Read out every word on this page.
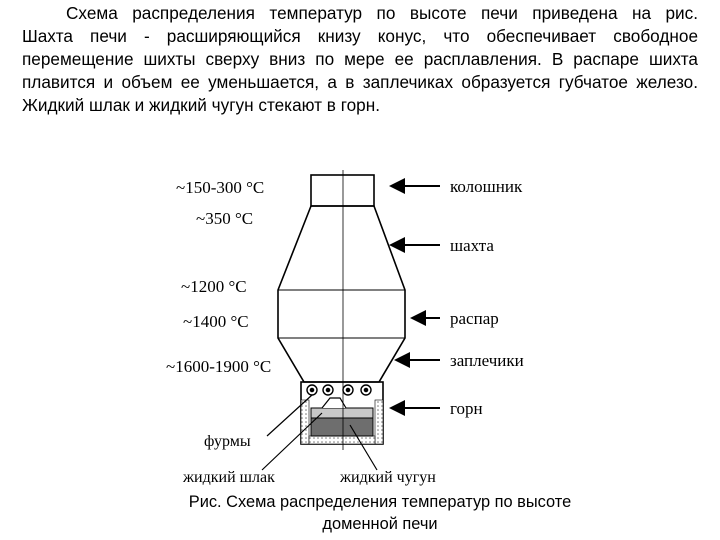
Схема распределения температур по высоте печи приведена на рис.
Шахта печи - расширяющийся книзу конус, что обеспечивает свободное
перемещение шихты сверху вниз по мере ее расплавления. В распаре шихта
плавится и объем ее уменьшается, а в заплечиках образуется губчатое железо.
Жидкий шлак и жидкий чугун стекают в горн.
~150-300 °С
~350 °С
~1200 °С
~1400 °С
~1600-1900 °С
колошник
шахта
распар
заплечики
горн
фурмы
жидкий шлак	жидкий чугун
Рис. Схема распределения температур по высоте
доменной печи
